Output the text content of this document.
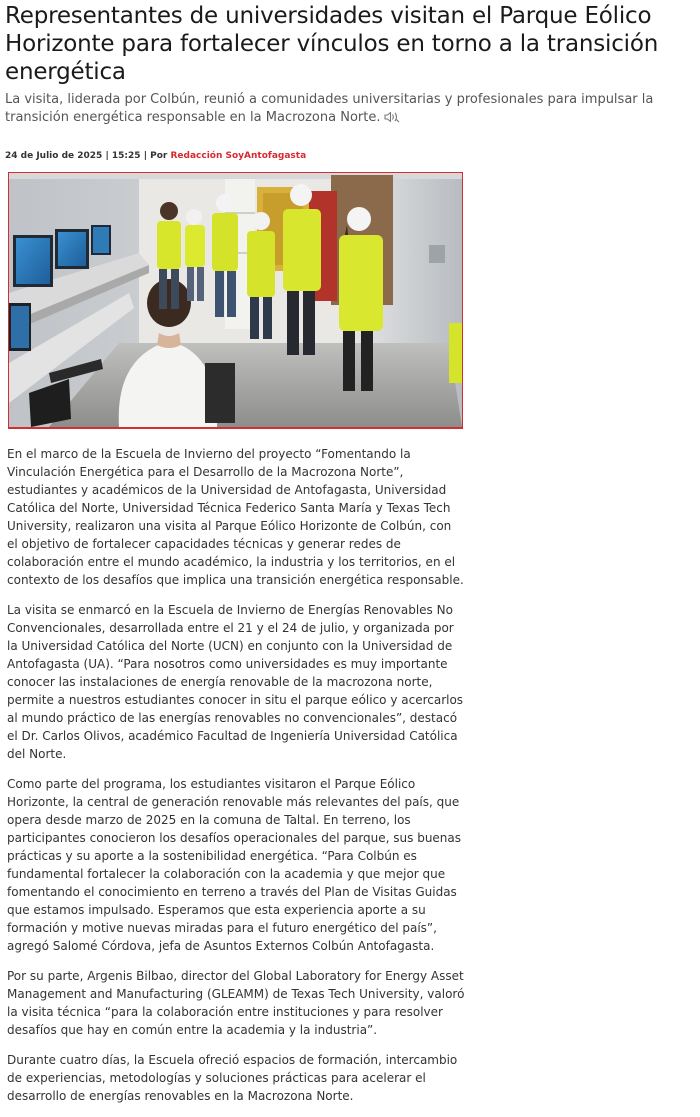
Representantes de universidades visitan el Parque Eólico Horizonte para fortalecer vínculos en torno a la transición energética

La visita, liderada por Colbún, reunió a comunidades universitarias y profesionales para impulsar la transición energética responsable en la Macrozona Norte.

24 de Julio de 2025 | 15:25 | Por Redacción SoyAntofagasta

En el marco de la Escuela de Invierno del proyecto “Fomentando la Vinculación Energética para el Desarrollo de la Macrozona Norte”, estudiantes y académicos de la Universidad de Antofagasta, Universidad Católica del Norte, Universidad Técnica Federico Santa María y Texas Tech University, realizaron una visita al Parque Eólico Horizonte de Colbún, con el objetivo de fortalecer capacidades técnicas y generar redes de colaboración entre el mundo académico, la industria y los territorios, en el contexto de los desafíos que implica una transición energética responsable.

La visita se enmarcó en la Escuela de Invierno de Energías Renovables No Convencionales, desarrollada entre el 21 y el 24 de julio, y organizada por la Universidad Católica del Norte (UCN) en conjunto con la Universidad de Antofagasta (UA). “Para nosotros como universidades es muy importante conocer las instalaciones de energía renovable de la macrozona norte, permite a nuestros estudiantes conocer in situ el parque eólico y acercarlos al mundo práctico de las energías renovables no convencionales”, destacó el Dr. Carlos Olivos, académico Facultad de Ingeniería Universidad Católica del Norte.

Como parte del programa, los estudiantes visitaron el Parque Eólico Horizonte, la central de generación renovable más relevantes del país, que opera desde marzo de 2025 en la comuna de Taltal. En terreno, los participantes conocieron los desafíos operacionales del parque, sus buenas prácticas y su aporte a la sostenibilidad energética. “Para Colbún es fundamental fortalecer la colaboración con la academia y que mejor que fomentando el conocimiento en terreno a través del Plan de Visitas Guidas que estamos impulsado. Esperamos que esta experiencia aporte a su formación y motive nuevas miradas para el futuro energético del país”, agregó Salomé Córdova, jefa de Asuntos Externos Colbún Antofagasta.

Por su parte, Argenis Bilbao, director del Global Laboratory for Energy Asset Management and Manufacturing (GLEAMM) de Texas Tech University, valoró la visita técnica “para la colaboración entre instituciones y para resolver desafíos que hay en común entre la academia y la industria”.

Durante cuatro días, la Escuela ofreció espacios de formación, intercambio de experiencias, metodologías y soluciones prácticas para acelerar el desarrollo de energías renovables en la Macrozona Norte.
